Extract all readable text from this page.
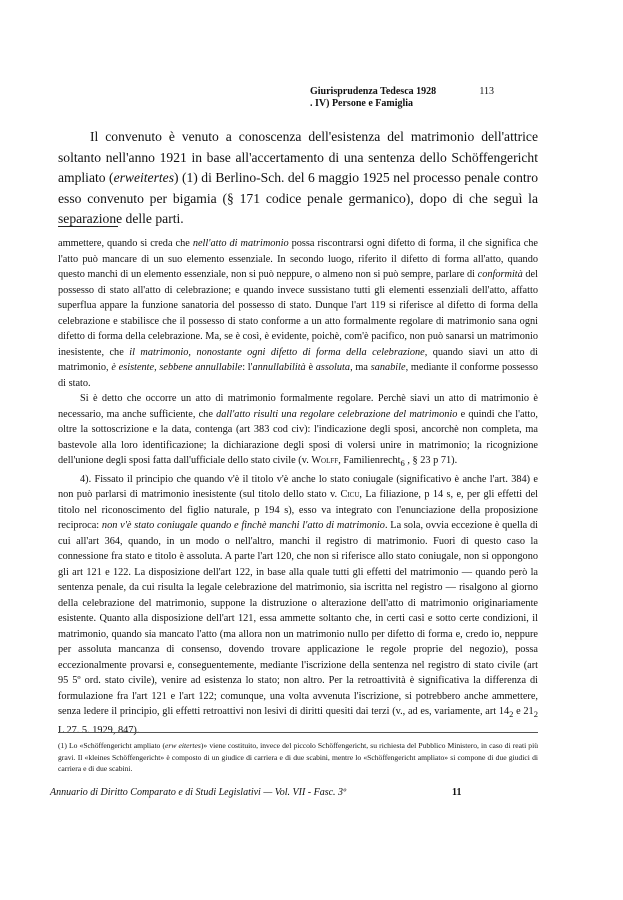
Giurisprudenza Tedesca 1928
. IV) Persone e Famiglia
113
Il convenuto è venuto a conoscenza dell'esistenza del matrimonio dell'attrice soltanto nell'anno 1921 in base all'accertamento di una sentenza dello Schöffengericht ampliato (erweitertes) (1) di Berlino-Sch. del 6 maggio 1925 nel processo penale contro esso convenuto per bigamia (§ 171 codice penale germanico), dopo di che seguì la separazione delle parti.

ammettere, quando si creda che nell'atto di matrimonio possa riscontrarsi ogni difetto di forma, il che significa che l'atto può mancare di un suo elemento essenziale. In secondo luogo, riferito il difetto di forma all'atto, quando questo manchi di un elemento essenziale, non si può neppure, o almeno non si può sempre, parlare di conformità del possesso di stato all'atto di celebrazione; e quando invece sussistano tutti gli elementi essenziali dell'atto, affatto superflua appare la funzione sanatoria del possesso di stato. Dunque l'art 119 si riferisce al difetto di forma della celebrazione e stabilisce che il possesso di stato conforme a un atto formalmente regolare di matrimonio sana ogni difetto di forma della celebrazione. Ma, se è così, è evidente, poichè, com'è pacifico, non può sanarsi un matrimonio inesistente, che il matrimonio, nonostante ogni difetto di forma della celebrazione, quando siavi un atto di matrimonio, è esistente, sebbene annullabile: l'annullabilità è assoluta, ma sanabile, mediante il conforme possesso di stato.

Si è detto che occorre un atto di matrimonio formalmente regolare. Perchè siavi un atto di matrimonio è necessario, ma anche sufficiente, che dall'atto risulti una regolare celebrazione del matrimonio e quindi che l'atto, oltre la sottoscrizione e la data, contenga (art 383 cod civ): l'indicazione degli sposi, ancorchè non completa, ma bastevole alla loro identificazione; la dichiarazione degli sposi di volersi unire in matrimonio; la ricognizione dell'unione degli sposi fatta dall'ufficiale dello stato civile (v. Wolff, Familienrecht$_6$ , § 23 p 71).

4). Fissato il principio che quando v'è il titolo v'è anche lo stato coniugale (significativo è anche l'art. 384) e non può parlarsi di matrimonio inesistente (sul titolo dello stato v. Cicu, La filiazione, p 14 s, e, per gli effetti del titolo nel riconoscimento del figlio naturale, p 194 s), esso va integrato con l'enunciazione della proposizione reciproca: non v'è stato coniugale quando e finchè manchi l'atto di matrimonio. La sola, ovvia eccezione è quella di cui all'art 364, quando, in un modo o nell'altro, manchi il registro di matrimonio. Fuori di questo caso la connessione fra stato e titolo è assoluta. A parte l'art 120, che non si riferisce allo stato coniugale, non si oppongono gli art 121 e 122. La disposizione dell'art 122, in base alla quale tutti gli effetti del matrimonio — quando però la sentenza penale, da cui risulta la legale celebrazione del matrimonio, sia iscritta nel registro — risalgono al giorno della celebrazione del matrimonio, suppone la distruzione o alterazione dell'atto di matrimonio originariamente esistente. Quanto alla disposizione dell'art 121, essa ammette soltanto che, in certi casi e sotto certe condizioni, il matrimonio, quando sia mancato l'atto (ma allora non un matrimonio nullo per difetto di forma e, credo io, neppure per assoluta mancanza di consenso, dovendo trovare applicazione le regole proprie del negozio), possa eccezionalmente provarsi e, conseguentemente, mediante l'iscrizione della sentenza nel registro di stato civile (art 95 5º ord. stato civile), venire ad esistenza lo stato; non altro. Per la retroattività è significativa la differenza di formulazione fra l'art 121 e l'art 122; comunque, una volta avvenuta l'iscrizione, si potrebbero anche ammettere, senza ledere il principio, gli effetti retroattivi non lesivi di diritti quesiti dai terzi (v., ad es, variamente, art $14_2$ e $21_2$ L 27. 5. 1929, 847).

(1) Lo «Schöffengericht ampliato (erw eitertes)» viene costituito, invece del piccolo Schöffengericht, su richiesta del Pubblico Ministero, in caso di reati più gravi. Il «kleines Schöffengericht» è composto di un giudice di carriera e di due scabini, mentre lo «Schöffengericht ampliato» si compone di due giudici di carriera e di due scabini.
Annuario di Diritto Comparato e di Studi Legislativi — Vol. VII - Fasc. 3º	11
